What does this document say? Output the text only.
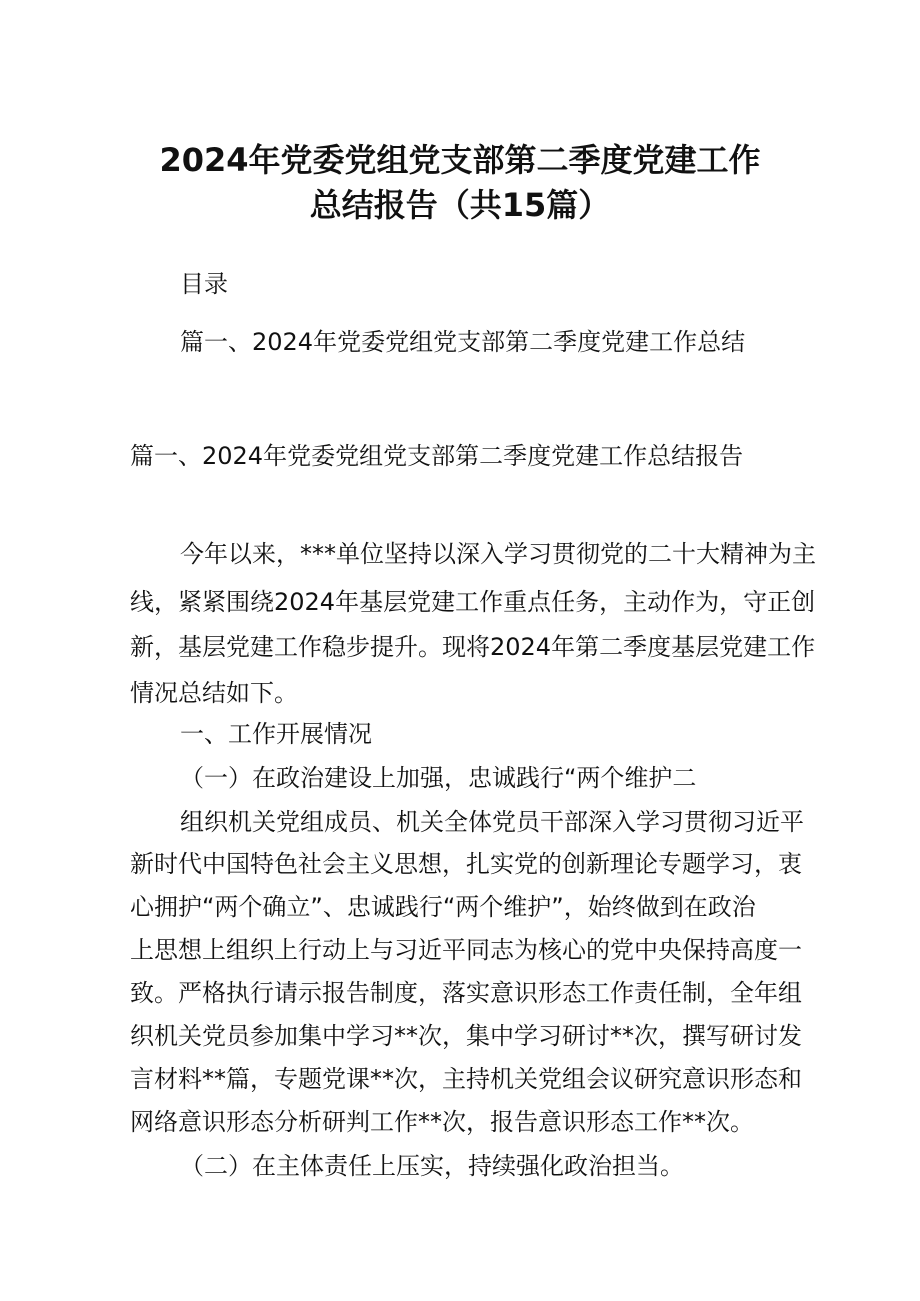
2024年党委党组党支部第二季度党建工作
总结报告（共15篇）
目录
篇一、2024年党委党组党支部第二季度党建工作总结
篇一、2024年党委党组党支部第二季度党建工作总结报告
今年以来，***单位坚持以深入学习贯彻党的二十大精神为主
线，紧紧围绕2024年基层党建工作重点任务，主动作为，守正创
新，基层党建工作稳步提升。现将2024年第二季度基层党建工作
情况总结如下。
一、工作开展情况
（一）在政治建设上加强，忠诚践行“两个维护二
组织机关党组成员、机关全体党员干部深入学习贯彻习近平
新时代中国特色社会主义思想，扎实党的创新理论专题学习，衷
心拥护“两个确立”、忠诚践行“两个维护”，始终做到在政治
上思想上组织上行动上与习近平同志为核心的党中央保持高度一
致。严格执行请示报告制度，落实意识形态工作责任制，全年组
织机关党员参加集中学习**次，集中学习研讨**次，撰写研讨发
言材料**篇，专题党课**次，主持机关党组会议研究意识形态和
网络意识形态分析研判工作**次，报告意识形态工作**次。
（二）在主体责任上压实，持续强化政治担当。
